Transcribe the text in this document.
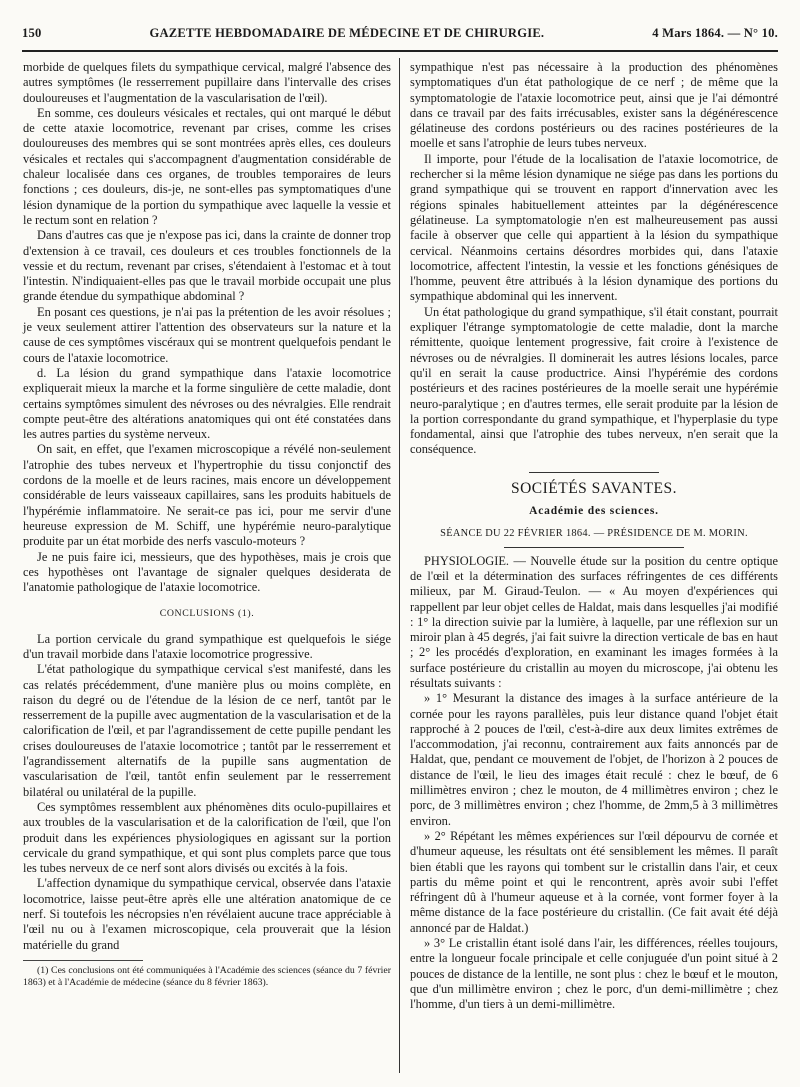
150	GAZETTE HEBDOMADAIRE DE MÉDECINE ET DE CHIRURGIE.	4 Mars 1864. — N° 10.

morbide de quelques filets du sympathique cervical, malgré l'absence des autres symptômes (le resserrement pupillaire dans l'intervalle des crises douloureuses et l'augmentation de la vascularisation de l'œil).

En somme, ces douleurs vésicales et rectales, qui ont marqué le début de cette ataxie locomotrice, revenant par crises, comme les crises douloureuses des membres qui se sont montrées après elles, ces douleurs vésicales et rectales qui s'accompagnent d'augmentation considérable de chaleur localisée dans ces organes, de troubles temporaires de leurs fonctions ; ces douleurs, dis-je, ne sont-elles pas symptomatiques d'une lésion dynamique de la portion du sympathique avec laquelle la vessie et le rectum sont en relation ?

Dans d'autres cas que je n'expose pas ici, dans la crainte de donner trop d'extension à ce travail, ces douleurs et ces troubles fonctionnels de la vessie et du rectum, revenant par crises, s'étendaient à l'estomac et à tout l'intestin. N'indiquaient-elles pas que le travail morbide occupait une plus grande étendue du sympathique abdominal ?

En posant ces questions, je n'ai pas la prétention de les avoir résolues ; je veux seulement attirer l'attention des observateurs sur la nature et la cause de ces symptômes viscéraux qui se montrent quelquefois pendant le cours de l'ataxie locomotrice.

d. La lésion du grand sympathique dans l'ataxie locomotrice expliquerait mieux la marche et la forme singulière de cette maladie, dont certains symptômes simulent des névroses ou des névralgies. Elle rendrait compte peut-être des altérations anatomiques qui ont été constatées dans les autres parties du système nerveux.

On sait, en effet, que l'examen microscopique a révélé non-seulement l'atrophie des tubes nerveux et l'hypertrophie du tissu conjonctif des cordons de la moelle et de leurs racines, mais encore un développement considérable de leurs vaisseaux capillaires, sans les produits habituels de l'hypérémie inflammatoire. Ne serait-ce pas ici, pour me servir d'une heureuse expression de M. Schiff, une hypérémie neuro-paralytique produite par un état morbide des nerfs vasculo-moteurs ?

Je ne puis faire ici, messieurs, que des hypothèses, mais je crois que ces hypothèses ont l'avantage de signaler quelques desiderata de l'anatomie pathologique de l'ataxie locomotrice.

CONCLUSIONS (1).

La portion cervicale du grand sympathique est quelquefois le siége d'un travail morbide dans l'ataxie locomotrice progressive.

L'état pathologique du sympathique cervical s'est manifesté, dans les cas relatés précédemment, d'une manière plus ou moins complète, en raison du degré ou de l'étendue de la lésion de ce nerf, tantôt par le resserrement de la pupille avec augmentation de la vascularisation et de la calorification de l'œil, et par l'agrandissement de cette pupille pendant les crises douloureuses de l'ataxie locomotrice ; tantôt par le resserrement et l'agrandissement alternatifs de la pupille sans augmentation de vascularisation de l'œil, tantôt enfin seulement par le resserrement bilatéral ou unilatéral de la pupille.

Ces symptômes ressemblent aux phénomènes dits oculo-pupillaires et aux troubles de la vascularisation et de la calorification de l'œil, que l'on produit dans les expériences physiologiques en agissant sur la portion cervicale du grand sympathique, et qui sont plus complets parce que tous les tubes nerveux de ce nerf sont alors divisés ou excités à la fois.

L'affection dynamique du sympathique cervical, observée dans l'ataxie locomotrice, laisse peut-être après elle une altération anatomique de ce nerf. Si toutefois les nécropsies n'en révélaient aucune trace appréciable à l'œil nu ou à l'examen microscopique, cela prouverait que la lésion matérielle du grand

(1) Ces conclusions ont été communiquées à l'Académie des sciences (séance du 7 février 1863) et à l'Académie de médecine (séance du 8 février 1863).

sympathique n'est pas nécessaire à la production des phénomènes symptomatiques d'un état pathologique de ce nerf ; de même que la symptomatologie de l'ataxie locomotrice peut, ainsi que je l'ai démontré dans ce travail par des faits irrécusables, exister sans la dégénérescence gélatineuse des cordons postérieurs ou des racines postérieures de la moelle et sans l'atrophie de leurs tubes nerveux.

Il importe, pour l'étude de la localisation de l'ataxie locomotrice, de rechercher si la même lésion dynamique ne siége pas dans les portions du grand sympathique qui se trouvent en rapport d'innervation avec les régions spinales habituellement atteintes par la dégénérescence gélatineuse. La symptomatologie n'en est malheureusement pas aussi facile à observer que celle qui appartient à la lésion du sympathique cervical. Néanmoins certains désordres morbides qui, dans l'ataxie locomotrice, affectent l'intestin, la vessie et les fonctions génésiques de l'homme, peuvent être attribués à la lésion dynamique des portions du sympathique abdominal qui les innervent.

Un état pathologique du grand sympathique, s'il était constant, pourrait expliquer l'étrange symptomatologie de cette maladie, dont la marche rémittente, quoique lentement progressive, fait croire à l'existence de névroses ou de névralgies. Il dominerait les autres lésions locales, parce qu'il en serait la cause productrice. Ainsi l'hypérémie des cordons postérieurs et des racines postérieures de la moelle serait une hypérémie neuro-paralytique ; en d'autres termes, elle serait produite par la lésion de la portion correspondante du grand sympathique, et l'hyperplasie du type fondamental, ainsi que l'atrophie des tubes nerveux, n'en serait que la conséquence.

SOCIÉTÉS SAVANTES.
Académie des sciences.
SÉANCE DU 22 FÉVRIER 1864. — PRÉSIDENCE DE M. MORIN.

PHYSIOLOGIE. — Nouvelle étude sur la position du centre optique de l'œil et la détermination des surfaces réfringentes de ces différents milieux, par M. Giraud-Teulon. — « Au moyen d'expériences qui rappellent par leur objet celles de Haldat, mais dans lesquelles j'ai modifié : 1° la direction suivie par la lumière, à laquelle, par une réflexion sur un miroir plan à 45 degrés, j'ai fait suivre la direction verticale de bas en haut ; 2° les procédés d'exploration, en examinant les images formées à la surface postérieure du cristallin au moyen du microscope, j'ai obtenu les résultats suivants :

» 1° Mesurant la distance des images à la surface antérieure de la cornée pour les rayons parallèles, puis leur distance quand l'objet était rapproché à 2 pouces de l'œil, c'est-à-dire aux deux limites extrêmes de l'accommodation, j'ai reconnu, contrairement aux faits annoncés par de Haldat, que, pendant ce mouvement de l'objet, de l'horizon à 2 pouces de distance de l'œil, le lieu des images était reculé : chez le bœuf, de 6 millimètres environ ; chez le mouton, de 4 millimètres environ ; chez le porc, de 3 millimètres environ ; chez l'homme, de 2mm,5 à 3 millimètres environ.

» 2° Répétant les mêmes expériences sur l'œil dépourvu de cornée et d'humeur aqueuse, les résultats ont été sensiblement les mêmes. Il paraît bien établi que les rayons qui tombent sur le cristallin dans l'air, et ceux partis du même point et qui le rencontrent, après avoir subi l'effet réfringent dû à l'humeur aqueuse et à la cornée, vont former foyer à la même distance de la face postérieure du cristallin. (Ce fait avait été déjà annoncé par de Haldat.)

» 3° Le cristallin étant isolé dans l'air, les différences, réelles toujours, entre la longueur focale principale et celle conjuguée d'un point situé à 2 pouces de distance de la lentille, ne sont plus : chez le bœuf et le mouton, que d'un millimètre environ ; chez le porc, d'un demi-millimètre ; chez l'homme, d'un tiers à un demi-millimètre.
